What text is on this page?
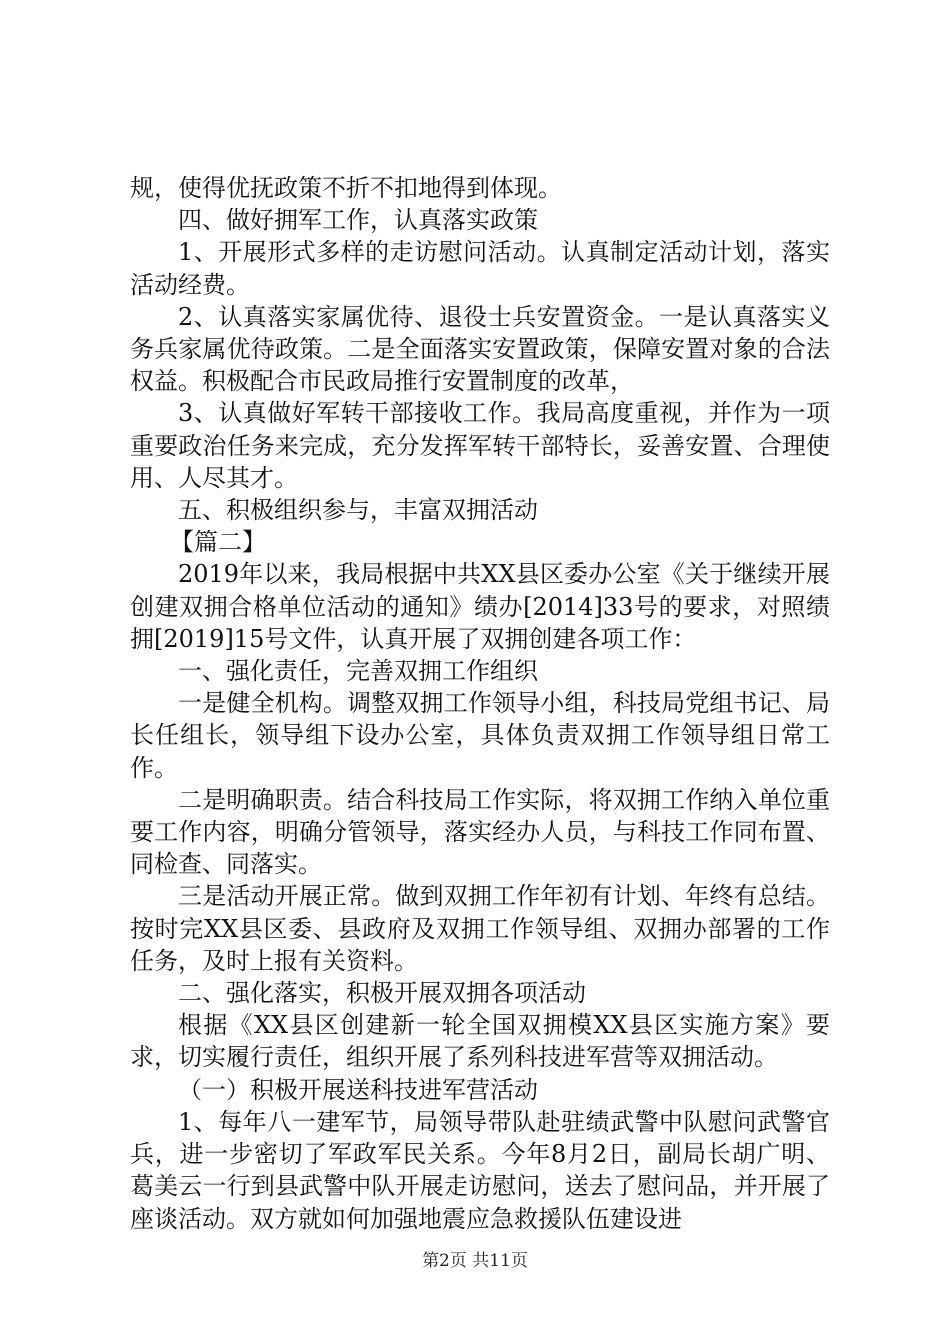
规，使得优抚政策不折不扣地得到体现。

四、做好拥军工作，认真落实政策

1、开展形式多样的走访慰问活动。认真制定活动计划，落实活动经费。

2、认真落实家属优待、退役士兵安置资金。一是认真落实义务兵家属优待政策。二是全面落实安置政策，保障安置对象的合法权益。积极配合市民政局推行安置制度的改革，

3、认真做好军转干部接收工作。我局高度重视，并作为一项重要政治任务来完成，充分发挥军转干部特长，妥善安置、合理使用、人尽其才。

五、积极组织参与，丰富双拥活动

【篇二】

2019年以来，我局根据中共XX县区委办公室《关于继续开展创建双拥合格单位活动的通知》绩办[2014]33号的要求，对照绩拥[2019]15号文件，认真开展了双拥创建各项工作：

一、强化责任，完善双拥工作组织

一是健全机构。调整双拥工作领导小组，科技局党组书记、局长任组长，领导组下设办公室，具体负责双拥工作领导组日常工作。

二是明确职责。结合科技局工作实际，将双拥工作纳入单位重要工作内容，明确分管领导，落实经办人员，与科技工作同布置、同检查、同落实。

三是活动开展正常。做到双拥工作年初有计划、年终有总结。按时完XX县区委、县政府及双拥工作领导组、双拥办部署的工作任务，及时上报有关资料。

二、强化落实，积极开展双拥各项活动

根据《XX县区创建新一轮全国双拥模XX县区实施方案》要求，切实履行责任，组织开展了系列科技进军营等双拥活动。

（一）积极开展送科技进军营活动

1、每年八一建军节，局领导带队赴驻绩武警中队慰问武警官兵，进一步密切了军政军民关系。今年8月2日，副局长胡广明、葛美云一行到县武警中队开展走访慰问，送去了慰问品，并开展了座谈活动。双方就如何加强地震应急救援队伍建设进

第2页 共11页
